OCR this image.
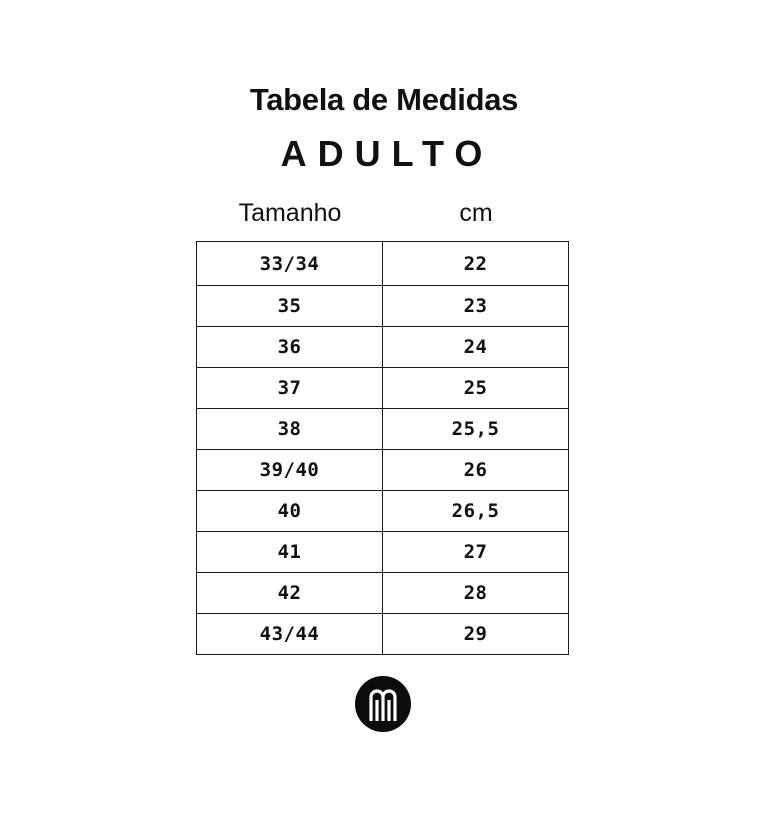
Tabela de Medidas
ADULTO
Tamanho	cm
33/34	22
35	23
36	24
37	25
38	25,5
39/40	26
40	26,5
41	27
42	28
43/44	29
